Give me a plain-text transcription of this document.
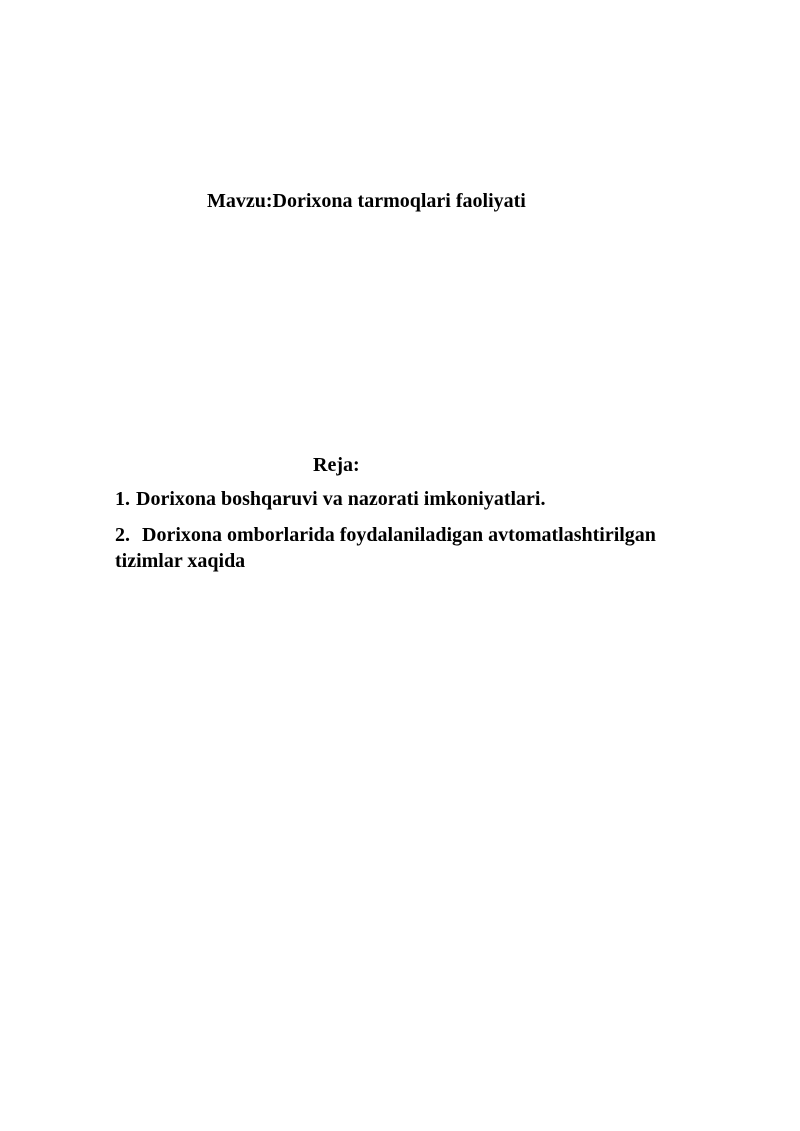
Mavzu:Dorixona tarmoqlari faoliyati
Reja:
1. Dorixona boshqaruvi va nazorati imkoniyatlari.
2. Dorixona omborlarida foydalaniladigan avtomatlashtirilgan tizimlar xaqida
